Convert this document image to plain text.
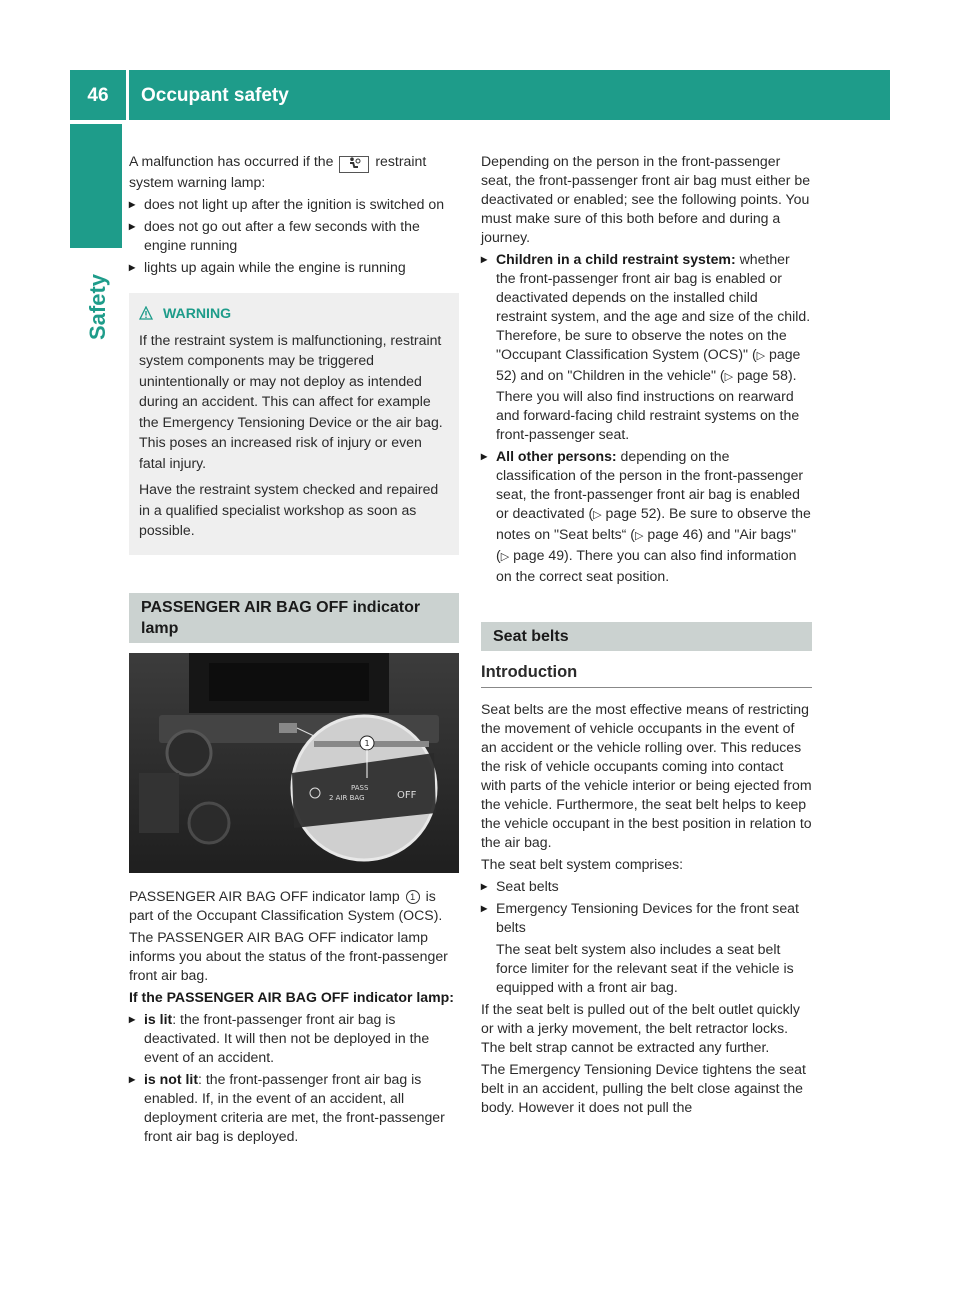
46	Occupant safety
Safety

A malfunction has occurred if the	restraint system warning lamp:

▸ does not light up after the ignition is switched on
▸ does not go out after a few seconds with the engine running
▸ lights up again while the engine is running
WARNING

If the restraint system is malfunctioning, restraint system components may be triggered unintentionally or may not deploy as intended during an accident. This can affect for example the Emergency Tensioning Device or the air bag. This poses an increased risk of injury or even fatal injury.

Have the restraint system checked and repaired in a qualified specialist workshop as soon as possible.

PASSENGER AIR BAG OFF indicator lamp
1
PASS
2 AIR BAG	OFF

PASSENGER AIR BAG OFF indicator lamp 1 is part of the Occupant Classification System (OCS).

The PASSENGER AIR BAG OFF indicator lamp informs you about the status of the front-passenger front air bag.

If the PASSENGER AIR BAG OFF indicator lamp:

▸ is lit: the front-passenger front air bag is deactivated. It will then not be deployed in the event of an accident.
▸ is not lit: the front-passenger front air bag is enabled. If, in the event of an accident, all deployment criteria are met, the front-passenger front air bag is deployed.

Depending on the person in the front-passenger seat, the front-passenger front air bag must either be deactivated or enabled; see the following points. You must make sure of this both before and during a journey.

▸ Children in a child restraint system: whether the front-passenger front air bag is enabled or deactivated depends on the installed child restraint system, and the age and size of the child. Therefore, be sure to observe the notes on the "Occupant Classification System (OCS)" (▷ page 52) and on "Children in the vehicle" (▷ page 58). There you will also find instructions on rearward and forward-facing child restraint systems on the front-passenger seat.
▸ All other persons: depending on the classification of the person in the front-passenger seat, the front-passenger front air bag is enabled or deactivated (▷ page 52). Be sure to observe the notes on "Seat belts“ (▷ page 46) and "Air bags" (▷ page 49). There you can also find information on the correct seat position.
Seat belts
Introduction

Seat belts are the most effective means of restricting the movement of vehicle occupants in the event of an accident or the vehicle rolling over. This reduces the risk of vehicle occupants coming into contact with parts of the vehicle interior or being ejected from the vehicle. Furthermore, the seat belt helps to keep the vehicle occupant in the best position in relation to the air bag.

The seat belt system comprises:

▸ Seat belts
▸ Emergency Tensioning Devices for the front seat belts
The seat belt system also includes a seat belt force limiter for the relevant seat if the vehicle is equipped with a front air bag.

If the seat belt is pulled out of the belt outlet quickly or with a jerky movement, the belt retractor locks. The belt strap cannot be extracted any further.

The Emergency Tensioning Device tightens the seat belt in an accident, pulling the belt close against the body. However it does not pull the
